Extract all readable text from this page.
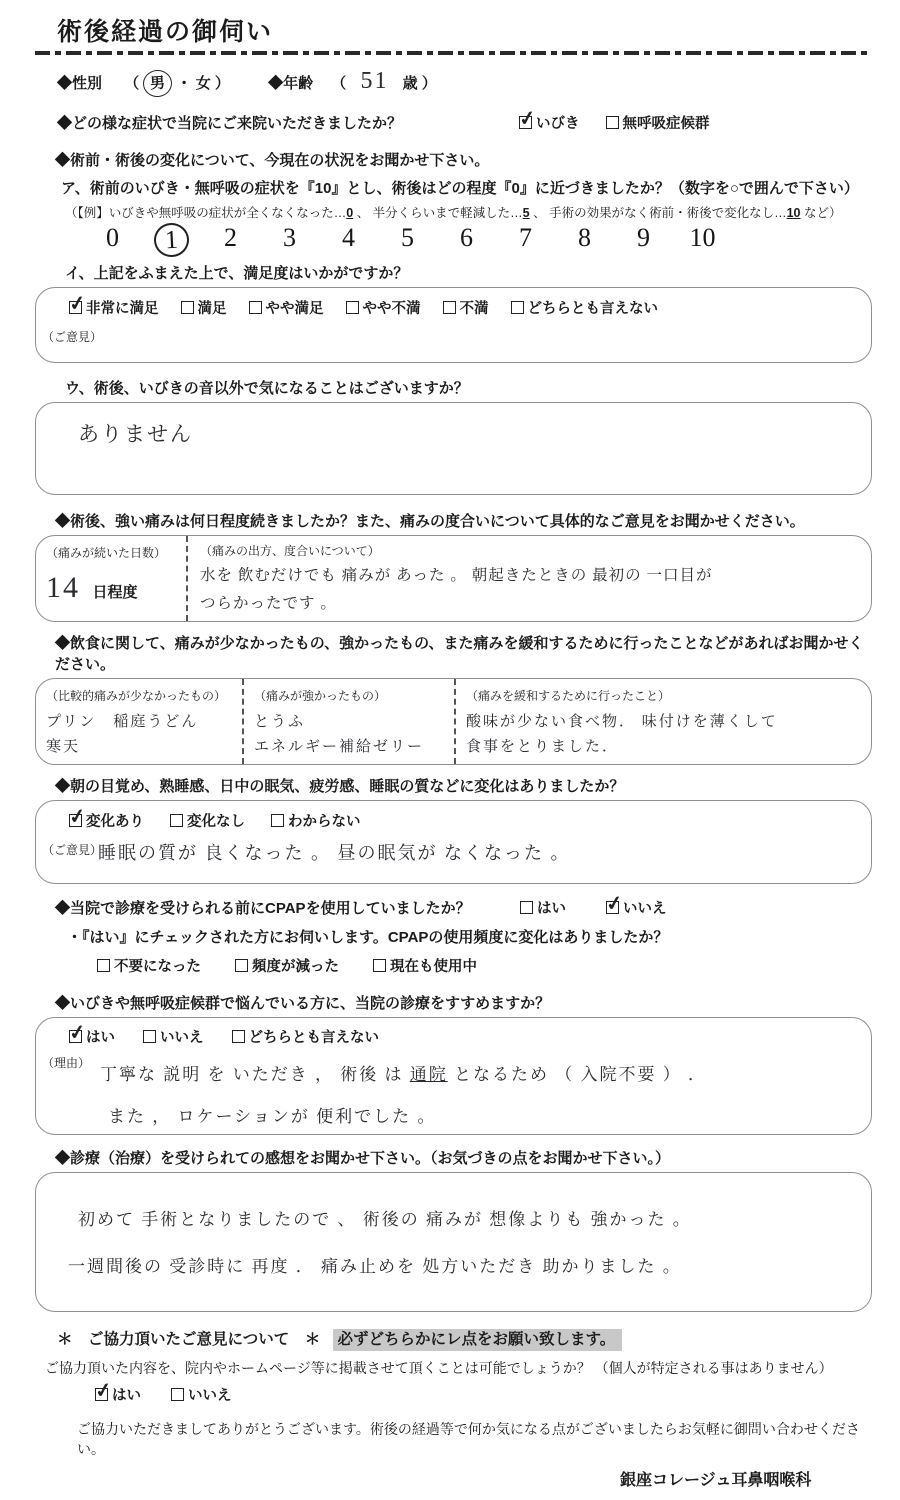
術後経過の御伺い
◆性別 （ 男 ・ 女 ）	◆年齢 （ 51 歳 ）
◆どの様な症状で当院にご来院いただきましたか？ ✓	いびき	無呼吸症候群
◆術前・術後の変化について、今現在の状況をお聞かせ下さい。
ア、術前のいびき・無呼吸の症状を『10』とし、術後はどの程度『0』に近づきましたか？（数字を○で囲んで下さい）
（【例】いびきや無呼吸の症状が全くなくなった…0 、 半分くらいまで軽減した…5 、 手術の効果がなく術前・術後で変化なし…10 など）
0	1	2	3	4	5	6	7	8	9	10
イ、上記をふまえた上で、満足度はいかがですか？
✓
非常に満足	満足	やや満足	やや不満	不満	どちらとも言えない
（ご意見）
ウ、術後、いびきの音以外で気になることはございますか？
ありません
◆術後、強い痛みは何日程度続きましたか？また、痛みの度合いについて具体的なご意見をお聞かせください。
（痛みが続いた日数）
14 日程度
（痛みの出方、度合いについて）
水を 飲むだけでも 痛みが あった 。 朝起きたときの 最初の 一口目が
つらかったです 。
◆飲食に関して、痛みが少なかったもの、強かったもの、また痛みを緩和するために行ったことなどがあればお聞かせください。
（比較的痛みが少なかったもの）
プリン　稲庭うどん
寒天
（痛みが強かったもの）
とうふ
エネルギー補給ゼリー
（痛みを緩和するために行ったこと）
酸味が少ない食べ物． 味付けを薄くして
食事をとりました．
◆朝の目覚め、熟睡感、日中の眠気、疲労感、睡眠の質などに変化はありましたか？
✓
変化あり	変化なし	わからない
（ご意見）
睡眠の質が 良くなった 。 昼の眠気が なくなった 。
◆当院で診療を受けられる前にCPAPを使用していましたか？	はい ✓	いいえ
・『はい』にチェックされた方にお伺いします。CPAPの使用頻度に変化はありましたか？
不要になった	頻度が減った	現在も使用中
◆いびきや無呼吸症候群で悩んでいる方に、当院の診療をすすめますか？
✓
はい	いいえ	どちらとも言えない
（理由）
丁寧な 説明 を いただき ， 術後 は 通院 となるため （ 入院不要 ） ．
また ， ロケーションが 便利でした 。
◆診療（治療）を受けられての感想をお聞かせ下さい。（お気づきの点をお聞かせ下さい。）
初めて 手術となりましたので 、 術後の 痛みが 想像よりも 強かった 。
一週間後の 受診時に 再度 ． 痛み止めを 処方いただき 助かりました 。
＊　ご協力頂いたご意見について　＊ 必ずどちらかにレ点をお願い致します。
ご協力頂いた内容を、院内やホームページ等に掲載させて頂くことは可能でしょうか？ （個人が特定される事はありません）
✓
はい	いいえ
ご協力いただきましてありがとうございます。術後の経過等で何か気になる点がございましたらお気軽に御問い合わせください。
銀座コレージュ耳鼻咽喉科
